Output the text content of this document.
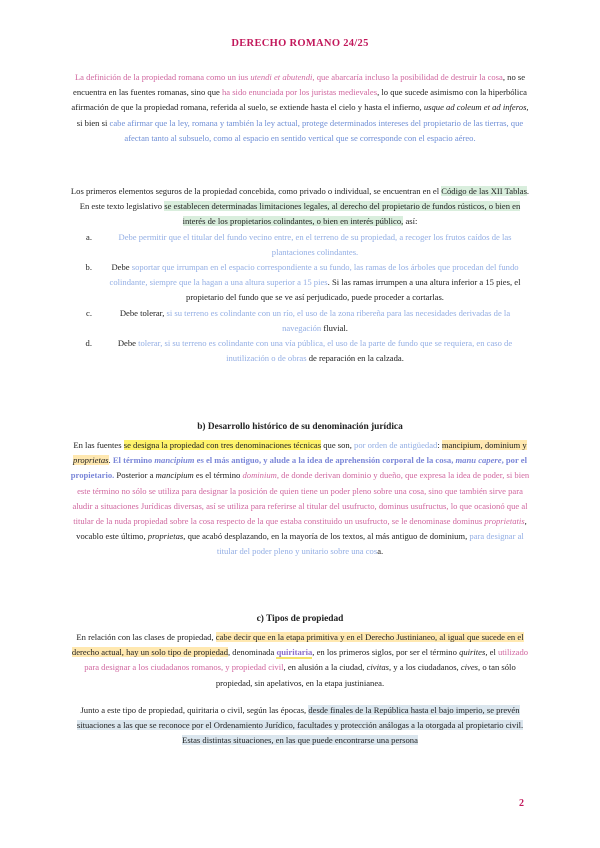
DERECHO ROMANO 24/25

La definición de la propiedad romana como un ius utendi et abutendi, que abarcaría incluso la posibilidad de destruir la cosa, no se encuentra en las fuentes romanas, sino que ha sido enunciada por los juristas medievales, lo que sucede asimismo con la hiperbólica afirmación de que la propiedad romana, referida al suelo, se extiende hasta el cielo y hasta el infierno, usque ad coleum et ad inferos, si bien si cabe afirmar que la ley, romana y también la ley actual, protege determinados intereses del propietario de las tierras, que afectan tanto al subsuelo, como al espacio en sentido vertical que se corresponde con el espacio aéreo.

Los primeros elementos seguros de la propiedad concebida, como privado o individual, se encuentran en el Código de las XII Tablas. En este texto legislativo se establecen determinadas limitaciones legales, al derecho del propietario de fundos rústicos, o bien en interés de los propietarios colindantes, o bien en interés público, así:

a.	Debe permitir que el titular del fundo vecino entre, en el terreno de su propiedad, a recoger los frutos caídos de las plantaciones colindantes.
b.	Debe soportar que irrumpan en el espacio correspondiente a su fundo, las ramas de los árboles que procedan del fundo colindante, siempre que la hagan a una altura superior a 15 pies. Si las ramas irrumpen a una altura inferior a 15 pies, el propietario del fundo que se ve así perjudicado, puede proceder a cortarlas.
c.	Debe tolerar, si su terreno es colindante con un río, el uso de la zona ribereña para las necesidades derivadas de la navegación fluvial.
d.	Debe tolerar, si su terreno es colindante con una vía pública, el uso de la parte de fundo que se requiera, en caso de inutilización o de obras de reparación en la calzada.
b) Desarrollo histórico de su denominación jurídica

En las fuentes se designa la propiedad con tres denominaciones técnicas que son, por orden de antigüedad: mancipium, dominium y proprietas. El término mancipium es el más antiguo, y alude a la idea de aprehensión corporal de la cosa, manu capere, por el propietario. Posterior a mancipium es el término dominium, de donde derivan dominio y dueño, que expresa la idea de poder, si bien este término no sólo se utiliza para designar la posición de quien tiene un poder pleno sobre una cosa, sino que también sirve para aludir a situaciones Jurídicas diversas, así se utiliza para referirse al titular del usufructo, dominus usufructus, lo que ocasionó que al titular de la nuda propiedad sobre la cosa respecto de la que estaba constituido un usufructo, se le denominase dominus proprietatis, vocablo este último, proprietas, que acabó desplazando, en la mayoría de los textos, al más antiguo de dominium, para designar al titular del poder pleno y unitario sobre una cosa.

c) Tipos de propiedad

En relación con las clases de propiedad, cabe decir que en la etapa primitiva y en el Derecho Justinianeo, al igual que sucede en el derecho actual, hay un solo tipo de propiedad, denominada quiritaria, en los primeros siglos, por ser el término quirites, el utilizado para designar a los ciudadanos romanos, y propiedad civil, en alusión a la ciudad, civitas, y a los ciudadanos, cives, o tan sólo propiedad, sin apelativos, en la etapa justinianea.

Junto a este tipo de propiedad, quiritaria o civil, según las épocas, desde finales de la República hasta el bajo imperio, se prevén situaciones a las que se reconoce por el Ordenamiento Jurídico, facultades y protección análogas a la otorgada al propietario civil. Estas distintas situaciones, en las que puede encontrarse una persona

2
